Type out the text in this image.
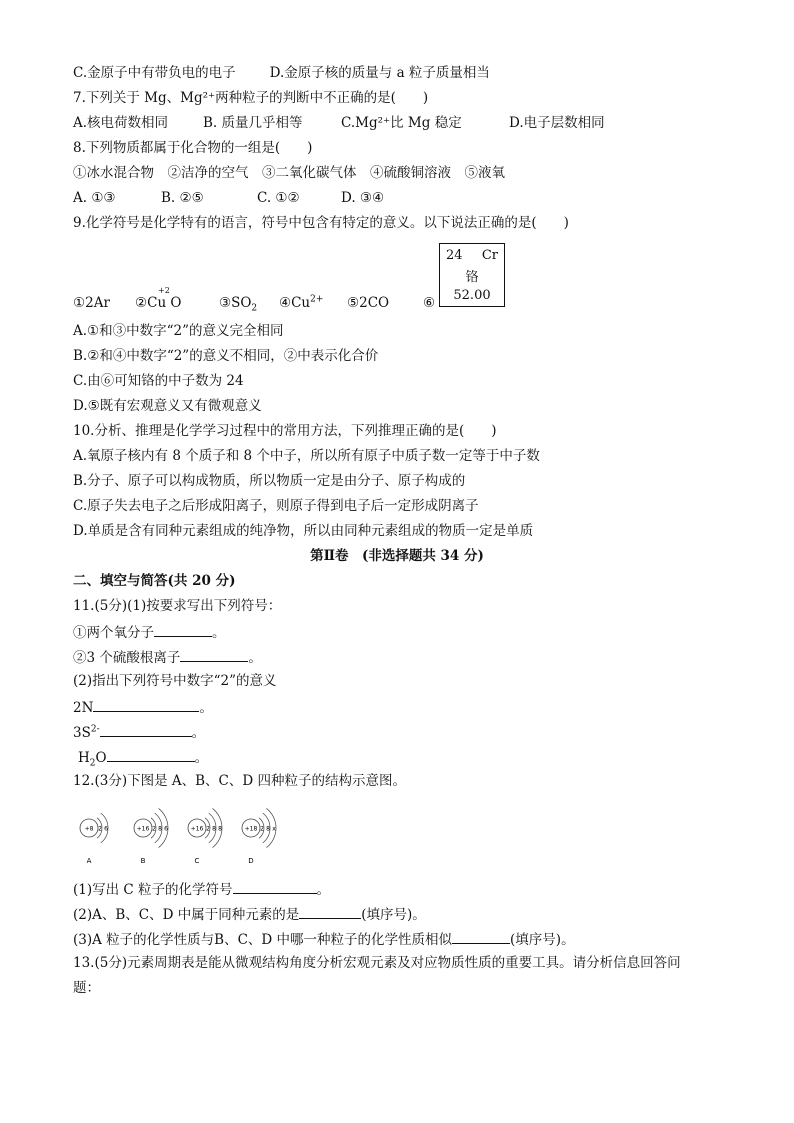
C.金原子中有带负电的电子	D.金原子核的质量与 a 粒子质量相当
7.下列关于 Mg、Mg²⁺两种粒子的判断中不正确的是(　　)
A.核电荷数相同	B. 质量几乎相等	C.Mg²⁺比 Mg 稳定	D.电子层数相同
8.下列物质都属于化合物的一组是(　　)
①冰水混合物　②洁净的空气　③二氧化碳气体　④硫酸铜溶液　⑤液氧
A. ①③	B. ②⑤	C. ①②	D. ③④
9.化学符号是化学特有的语言，符号中包含有特定的意义。以下说法正确的是(　　)
24 Cr
铬
52.00
+2
①2Ar ②Cu O	$③SO_2$ $④Cu^{2+}$ ⑤2CO	⑥
A.①和③中数字“2”的意义完全相同
B.②和④中数字“2”的意义不相同，②中表示化合价
C.由⑥可知铬的中子数为 24
D.⑤既有宏观意义又有微观意义
10.分析、推理是化学学习过程中的常用方法，下列推理正确的是(　　)
A.氧原子核内有 8 个质子和 8 个中子，所以所有原子中质子数一定等于中子数
B.分子、原子可以构成物质，所以物质一定是由分子、原子构成的
C.原子失去电子之后形成阳离子，则原子得到电子后一定形成阴离子
D.单质是含有同种元素组成的纯净物，所以由同种元素组成的物质一定是单质
第Ⅱ卷　(非选择题共 34 分)
二、填空与简答(共 20 分)
11.(5分)(1)按要求写出下列符号：
①两个氧分子	。
②3 个硫酸根离子	。
(2)指出下列符号中数字“2”的意义
2N	。
$3S^{2-}$	。
$H_2O$	。
12.(3分)下图是 A、B、C、D 四种粒子的结构示意图。
+8 2 6
A
+16 2 8 6
B
+16 2 8 8
C
+18 2 8 x
D
(1)写出 C 粒子的化学符号	。
(2)A、B、C、D 中属于同种元素的是	(填序号)。
(3)A 粒子的化学性质与B、C、D 中哪一种粒子的化学性质相似	(填序号)。
13.(5分)元素周期表是能从微观结构角度分析宏观元素及对应物质性质的重要工具。请分析信息回答问
题：
